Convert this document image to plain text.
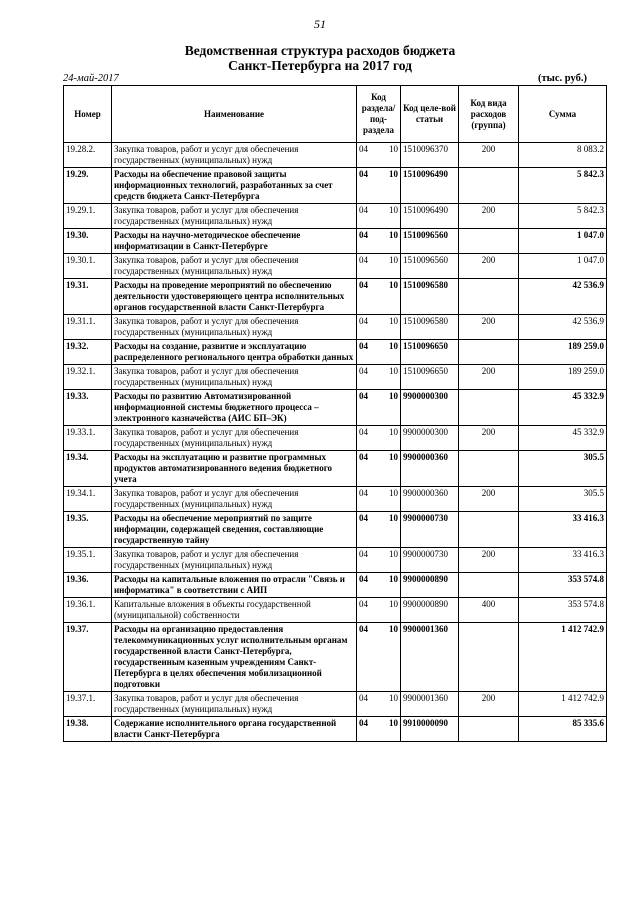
51
Ведомственная структура расходов бюджета
Санкт-Петербурга на 2017 год
24-май-2017	(тыс. руб.)
Номер	Наименование	Код раздела/ под-раздела		Код целе-вой статьи	Код вида расходов (группа)	Сумма
19.28.2.	Закупка товаров, работ и услуг для обеспечения государственных (муниципальных) нужд	04	10	1510096370	200	8 083.2
19.29.	Расходы на обеспечение правовой защиты информационных технологий, разработанных за счет средств бюджета Санкт-Петербурга	04	10	1510096490		5 842.3
19.29.1.	Закупка товаров, работ и услуг для обеспечения государственных (муниципальных) нужд	04	10	1510096490	200	5 842.3
19.30.	Расходы на научно-методическое обеспечение информатизации в Санкт-Петербурге	04	10	1510096560		1 047.0
19.30.1.	Закупка товаров, работ и услуг для обеспечения государственных (муниципальных) нужд	04	10	1510096560	200	1 047.0
19.31.	Расходы на проведение мероприятий по обеспечению деятельности удостоверяющего центра исполнительных органов государственной власти Санкт-Петербурга	04	10	1510096580		42 536.9
19.31.1.	Закупка товаров, работ и услуг для обеспечения государственных (муниципальных) нужд	04	10	1510096580	200	42 536.9
19.32.	Расходы на создание, развитие и эксплуатацию распределенного регионального центра обработки данных	04	10	1510096650		189 259.0
19.32.1.	Закупка товаров, работ и услуг для обеспечения государственных (муниципальных) нужд	04	10	1510096650	200	189 259.0
19.33.	Расходы по развитию Автоматизированной информационной системы бюджетного процесса – электронного казначейства (АИС БП–ЭК)	04	10	9900000300		45 332.9
19.33.1.	Закупка товаров, работ и услуг для обеспечения государственных (муниципальных) нужд	04	10	9900000300	200	45 332.9
19.34.	Расходы на эксплуатацию и развитие программных продуктов автоматизированного ведения бюджетного учета	04	10	9900000360		305.5
19.34.1.	Закупка товаров, работ и услуг для обеспечения государственных (муниципальных) нужд	04	10	9900000360	200	305.5
19.35.	Расходы на обеспечение мероприятий по защите информации, содержащей сведения, составляющие государственную тайну	04	10	9900000730		33 416.3
19.35.1.	Закупка товаров, работ и услуг для обеспечения государственных (муниципальных) нужд	04	10	9900000730	200	33 416.3
19.36.	Расходы на капитальные вложения по отрасли "Связь и информатика" в соответствии с АИП	04	10	9900000890		353 574.8
19.36.1.	Капитальные вложения в объекты государственной (муниципальной) собственности	04	10	9900000890	400	353 574.8
19.37.	Расходы на организацию предоставления телекоммуникационных услуг исполнительным органам государственной власти Санкт-Петербурга, государственным казенным учреждениям Санкт-Петербурга в целях обеспечения мобилизационной подготовки	04	10	9900001360		1 412 742.9
19.37.1.	Закупка товаров, работ и услуг для обеспечения государственных (муниципальных) нужд	04	10	9900001360	200	1 412 742.9
19.38.	Содержание исполнительного органа государственной власти Санкт-Петербурга	04	10	9910000090		85 335.6
